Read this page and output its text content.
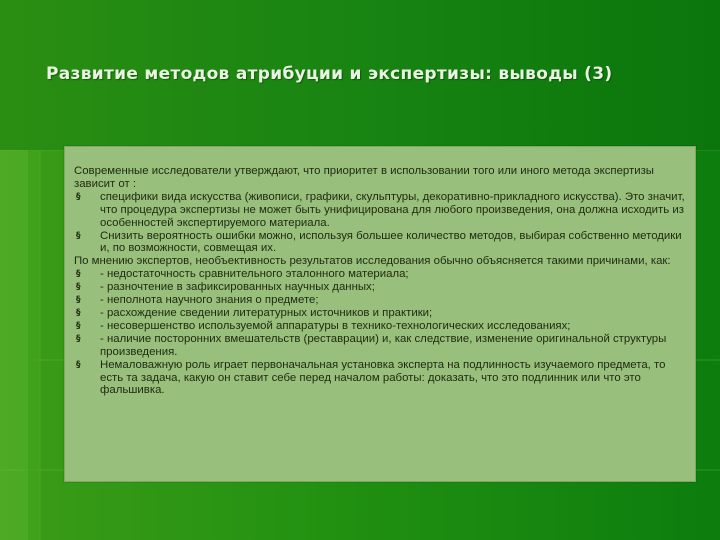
Развитие методов атрибуции и экспертизы: выводы (3)

Современные исследователи утверждают, что приоритет в использовании того или иного метода экспертизы зависит от :

§	специфики вида искусства (живописи, графики, скульптуры, декоративно-прикладного искусства). Это значит, что процедура экспертизы не может быть унифицирована для любого произведения, она должна исходить из особенностей экспертируемого материала.
§	Снизить вероятность ошибки можно, используя большее количество методов, выбирая собственно методики и, по возможности, совмещая их.

По мнению экспертов, необъективность результатов исследования обычно объясняется такими причинами, как:

§	- недостаточность сравнительного эталонного материала;
§	- разночтение в зафиксированных научных данных;
§	- неполнота научного знания о предмете;
§	- расхождение сведении литературных источников и практики;
§	- несовершенство используемой аппаратуры в технико-технологических исследованиях;
§	- наличие посторонних вмешательств (реставрации) и, как следствие, изменение оригинальной структуры произведения.
§	Немаловажную роль играет первоначальная установка эксперта на подлинность изучаемого предмета, то есть та задача, какую он ставит себе перед началом работы: доказать, что это подлинник или что это фальшивка.
